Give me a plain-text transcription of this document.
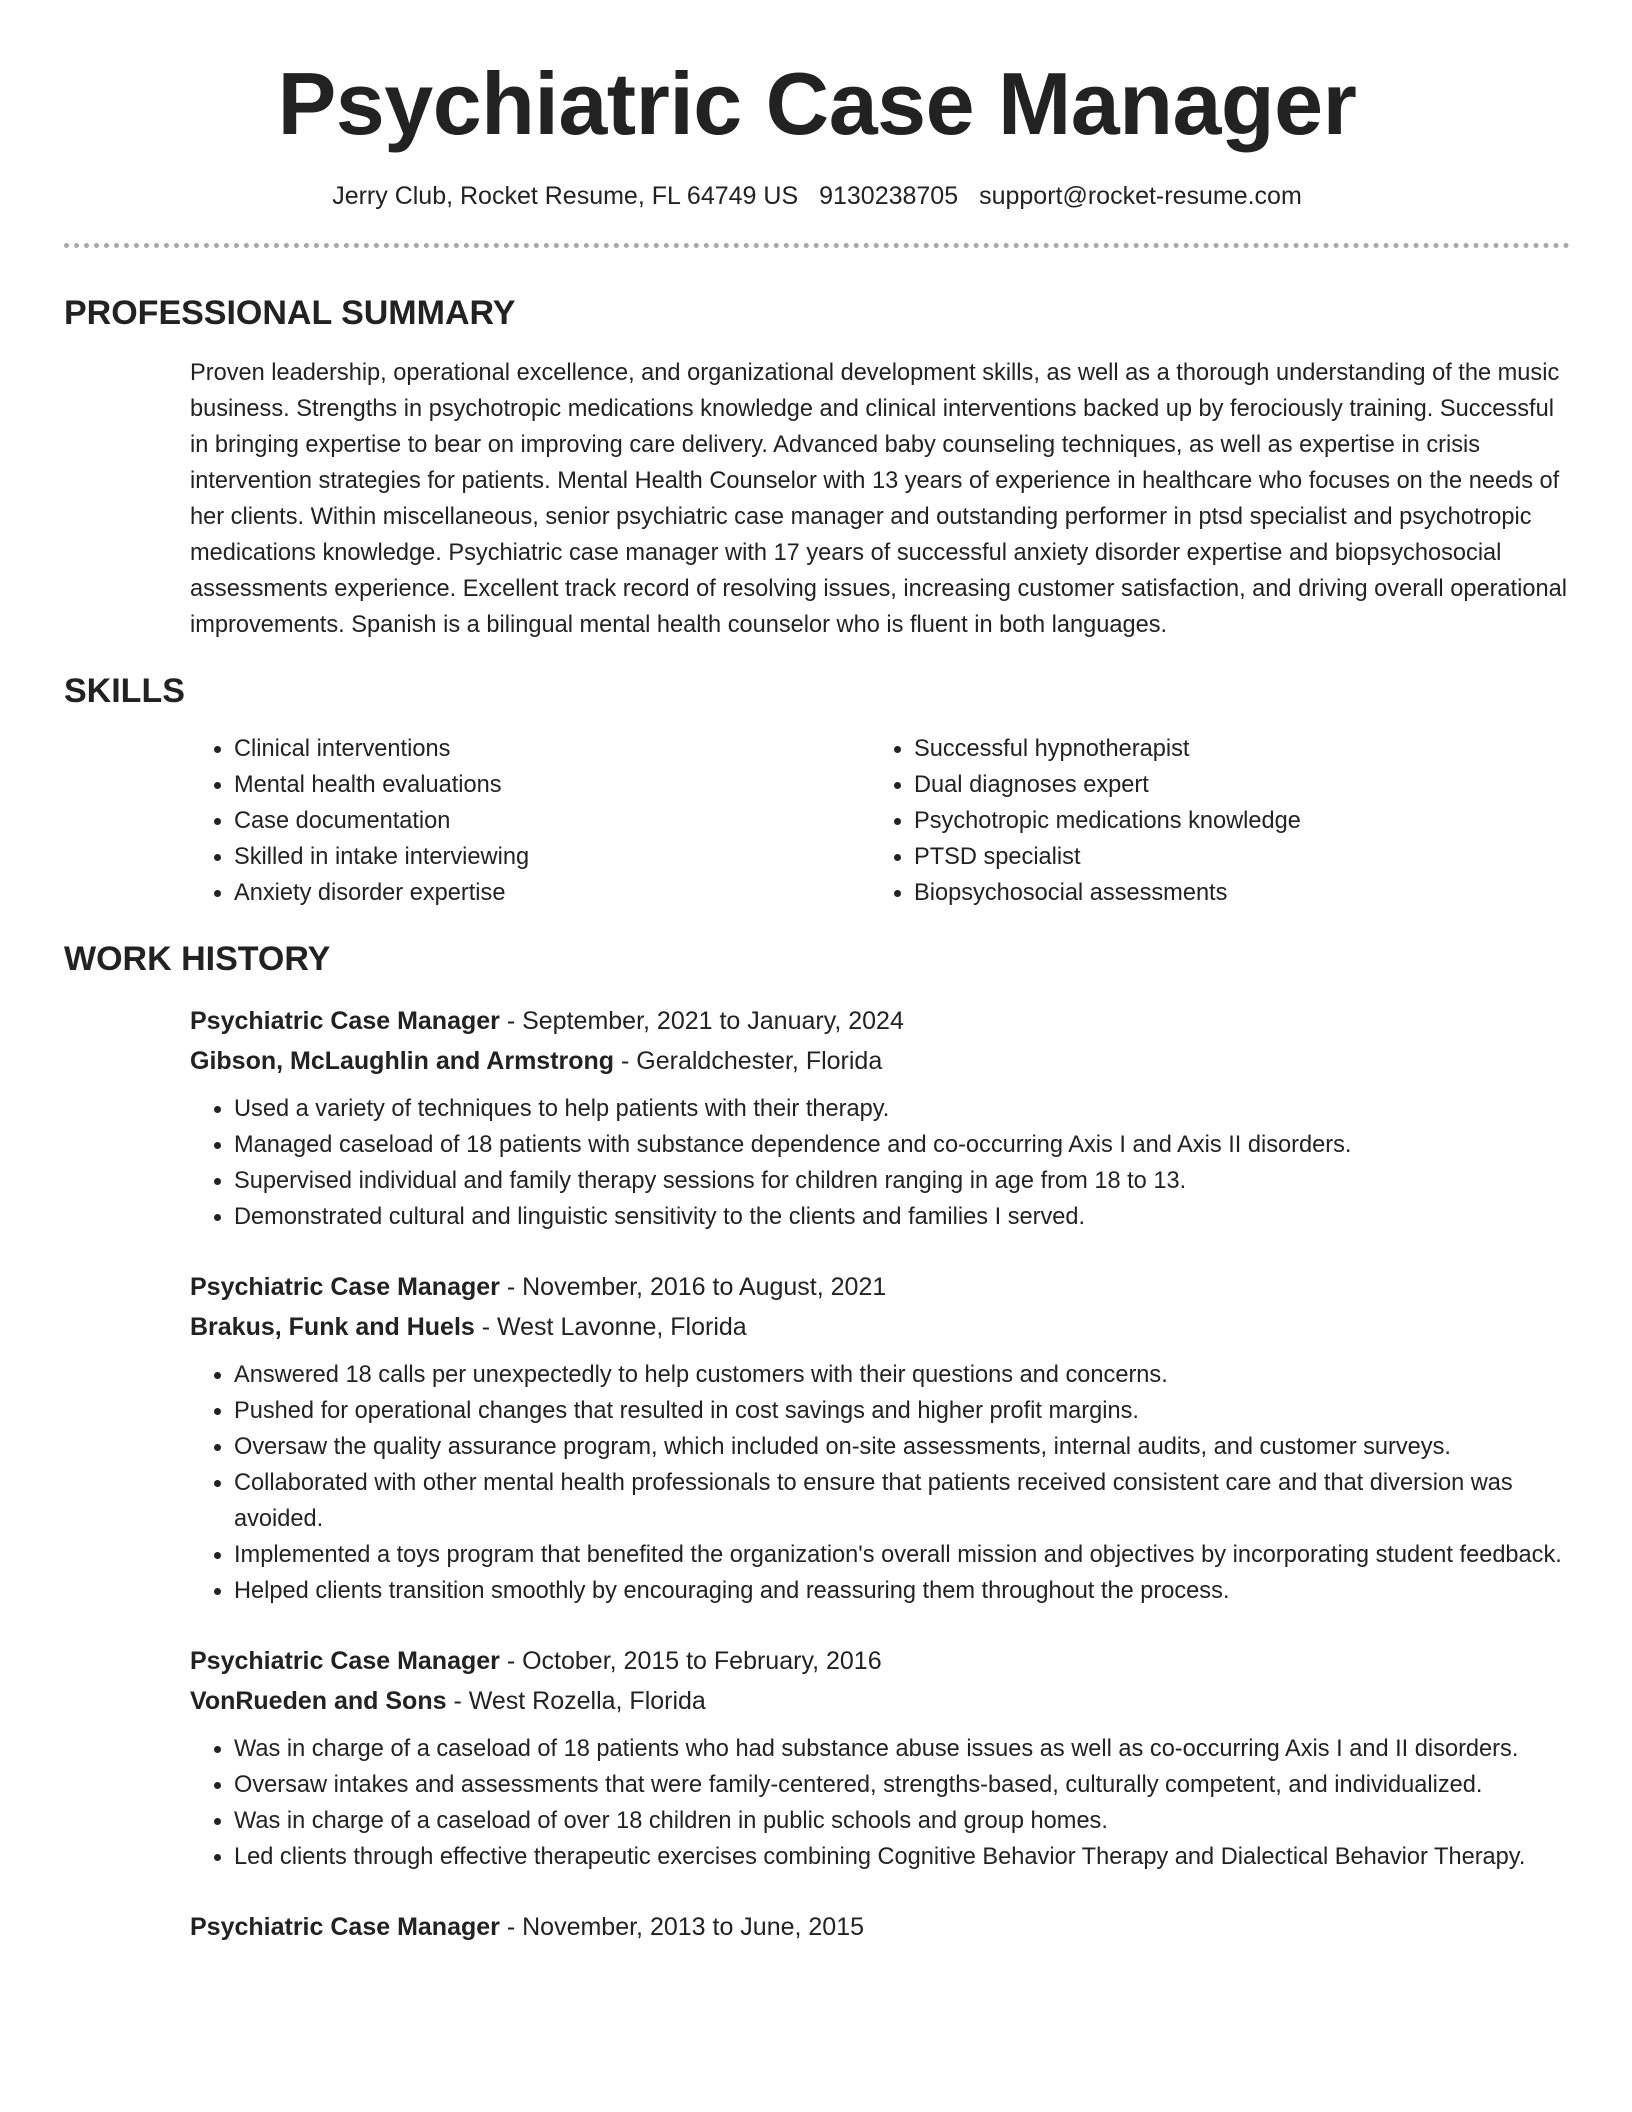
Psychiatric Case Manager
Jerry Club, Rocket Resume, FL 64749 US 9130238705 support@rocket-resume.com
PROFESSIONAL SUMMARY

Proven leadership, operational excellence, and organizational development skills, as well as a thorough understanding of the music business. Strengths in psychotropic medications knowledge and clinical interventions backed up by ferociously training. Successful in bringing expertise to bear on improving care delivery. Advanced baby counseling techniques, as well as expertise in crisis intervention strategies for patients. Mental Health Counselor with 13 years of experience in healthcare who focuses on the needs of her clients. Within miscellaneous, senior psychiatric case manager and outstanding performer in ptsd specialist and psychotropic medications knowledge. Psychiatric case manager with 17 years of successful anxiety disorder expertise and biopsychosocial assessments experience. Excellent track record of resolving issues, increasing customer satisfaction, and driving overall operational improvements. Spanish is a bilingual mental health counselor who is fluent in both languages.

SKILLS
• Clinical interventions
• Mental health evaluations
• Case documentation
• Skilled in intake interviewing
• Anxiety disorder expertise
• Successful hypnotherapist
• Dual diagnoses expert
• Psychotropic medications knowledge
• PTSD specialist
• Biopsychosocial assessments
WORK HISTORY
Psychiatric Case Manager - September, 2021 to January, 2024
Gibson, McLaughlin and Armstrong - Geraldchester, Florida
• Used a variety of techniques to help patients with their therapy.
• Managed caseload of 18 patients with substance dependence and co-occurring Axis I and Axis II disorders.
• Supervised individual and family therapy sessions for children ranging in age from 18 to 13.
• Demonstrated cultural and linguistic sensitivity to the clients and families I served.
Psychiatric Case Manager - November, 2016 to August, 2021
Brakus, Funk and Huels - West Lavonne, Florida
• Answered 18 calls per unexpectedly to help customers with their questions and concerns.
• Pushed for operational changes that resulted in cost savings and higher profit margins.
• Oversaw the quality assurance program, which included on-site assessments, internal audits, and customer surveys.
• Collaborated with other mental health professionals to ensure that patients received consistent care and that diversion was avoided.
• Implemented a toys program that benefited the organization's overall mission and objectives by incorporating student feedback.
• Helped clients transition smoothly by encouraging and reassuring them throughout the process.
Psychiatric Case Manager - October, 2015 to February, 2016
VonRueden and Sons - West Rozella, Florida
• Was in charge of a caseload of 18 patients who had substance abuse issues as well as co-occurring Axis I and II disorders.
• Oversaw intakes and assessments that were family-centered, strengths-based, culturally competent, and individualized.
• Was in charge of a caseload of over 18 children in public schools and group homes.
• Led clients through effective therapeutic exercises combining Cognitive Behavior Therapy and Dialectical Behavior Therapy.
Psychiatric Case Manager - November, 2013 to June, 2015
